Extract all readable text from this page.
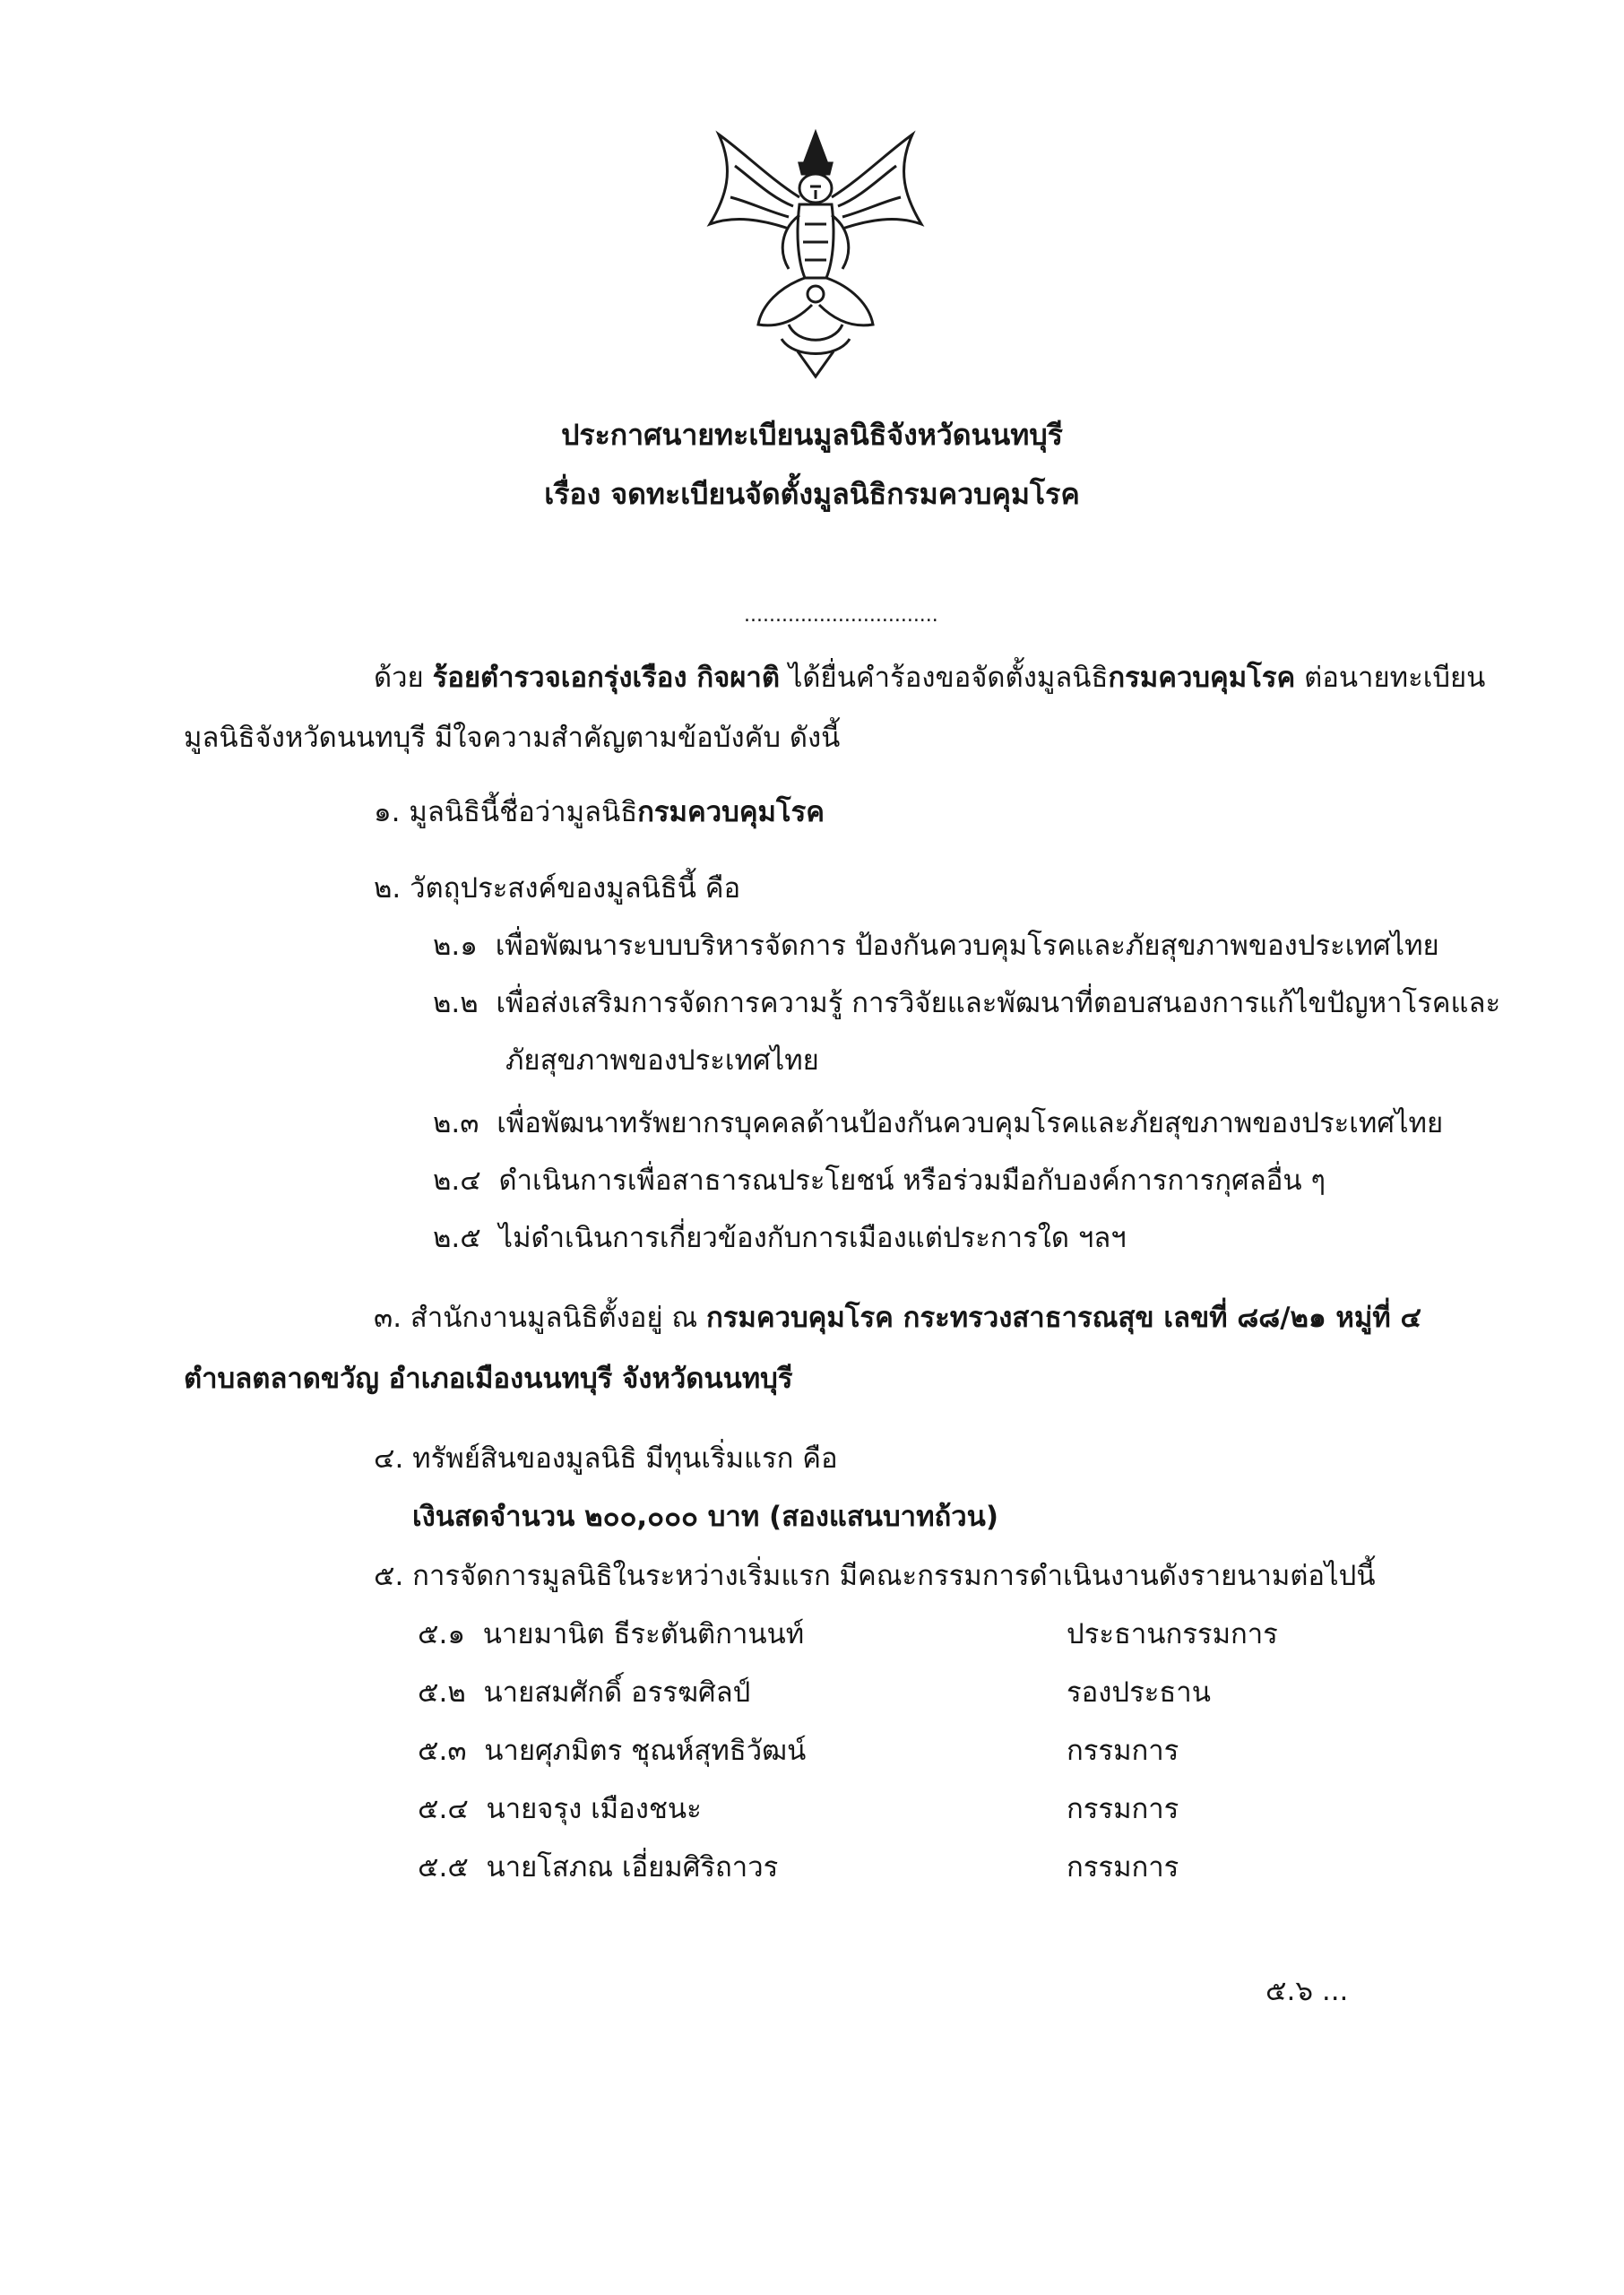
ประกาศนายทะเบียนมูลนิธิจังหวัดนนทบุรี
เรื่อง จดทะเบียนจัดตั้งมูลนิธิกรมควบคุมโรค
...............................
ด้วย ร้อยตำรวจเอกรุ่งเรือง กิจผาติ ได้ยื่นคำร้องขอจัดตั้งมูลนิธิกรมควบคุมโรค ต่อนายทะเบียน
มูลนิธิจังหวัดนนทบุรี มีใจความสำคัญตามข้อบังคับ ดังนี้
๑. มูลนิธินี้ชื่อว่ามูลนิธิกรมควบคุมโรค
๒. วัตถุประสงค์ของมูลนิธินี้ คือ
๒.๑ เพื่อพัฒนาระบบบริหารจัดการ ป้องกันควบคุมโรคและภัยสุขภาพของประเทศไทย
๒.๒ เพื่อส่งเสริมการจัดการความรู้ การวิจัยและพัฒนาที่ตอบสนองการแก้ไขปัญหาโรคและ
ภัยสุขภาพของประเทศไทย
๒.๓ เพื่อพัฒนาทรัพยากรบุคคลด้านป้องกันควบคุมโรคและภัยสุขภาพของประเทศไทย
๒.๔ ดำเนินการเพื่อสาธารณประโยชน์ หรือร่วมมือกับองค์การการกุศลอื่น ๆ
๒.๕ ไม่ดำเนินการเกี่ยวข้องกับการเมืองแต่ประการใด ฯลฯ
๓. สำนักงานมูลนิธิตั้งอยู่ ณ กรมควบคุมโรค กระทรวงสาธารณสุข เลขที่ ๘๘/๒๑ หมู่ที่ ๔
ตำบลตลาดขวัญ อำเภอเมืองนนทบุรี จังหวัดนนทบุรี
๔. ทรัพย์สินของมูลนิธิ มีทุนเริ่มแรก คือ
เงินสดจำนวน ๒๐๐,๐๐๐ บาท (สองแสนบาทถ้วน)
๕. การจัดการมูลนิธิในระหว่างเริ่มแรก มีคณะกรรมการดำเนินงานดังรายนามต่อไปนี้
๕.๑ นายมานิต ธีระตันติกานนท์	ประธานกรรมการ
๕.๒ นายสมศักดิ์ อรรฆศิลป์	รองประธาน
๕.๓ นายศุภมิตร ชุณห์สุทธิวัฒน์	กรรมการ
๕.๔ นายจรุง เมืองชนะ	กรรมการ
๕.๕ นายโสภณ เอี่ยมศิริถาวร	กรรมการ
๕.๖ ...
